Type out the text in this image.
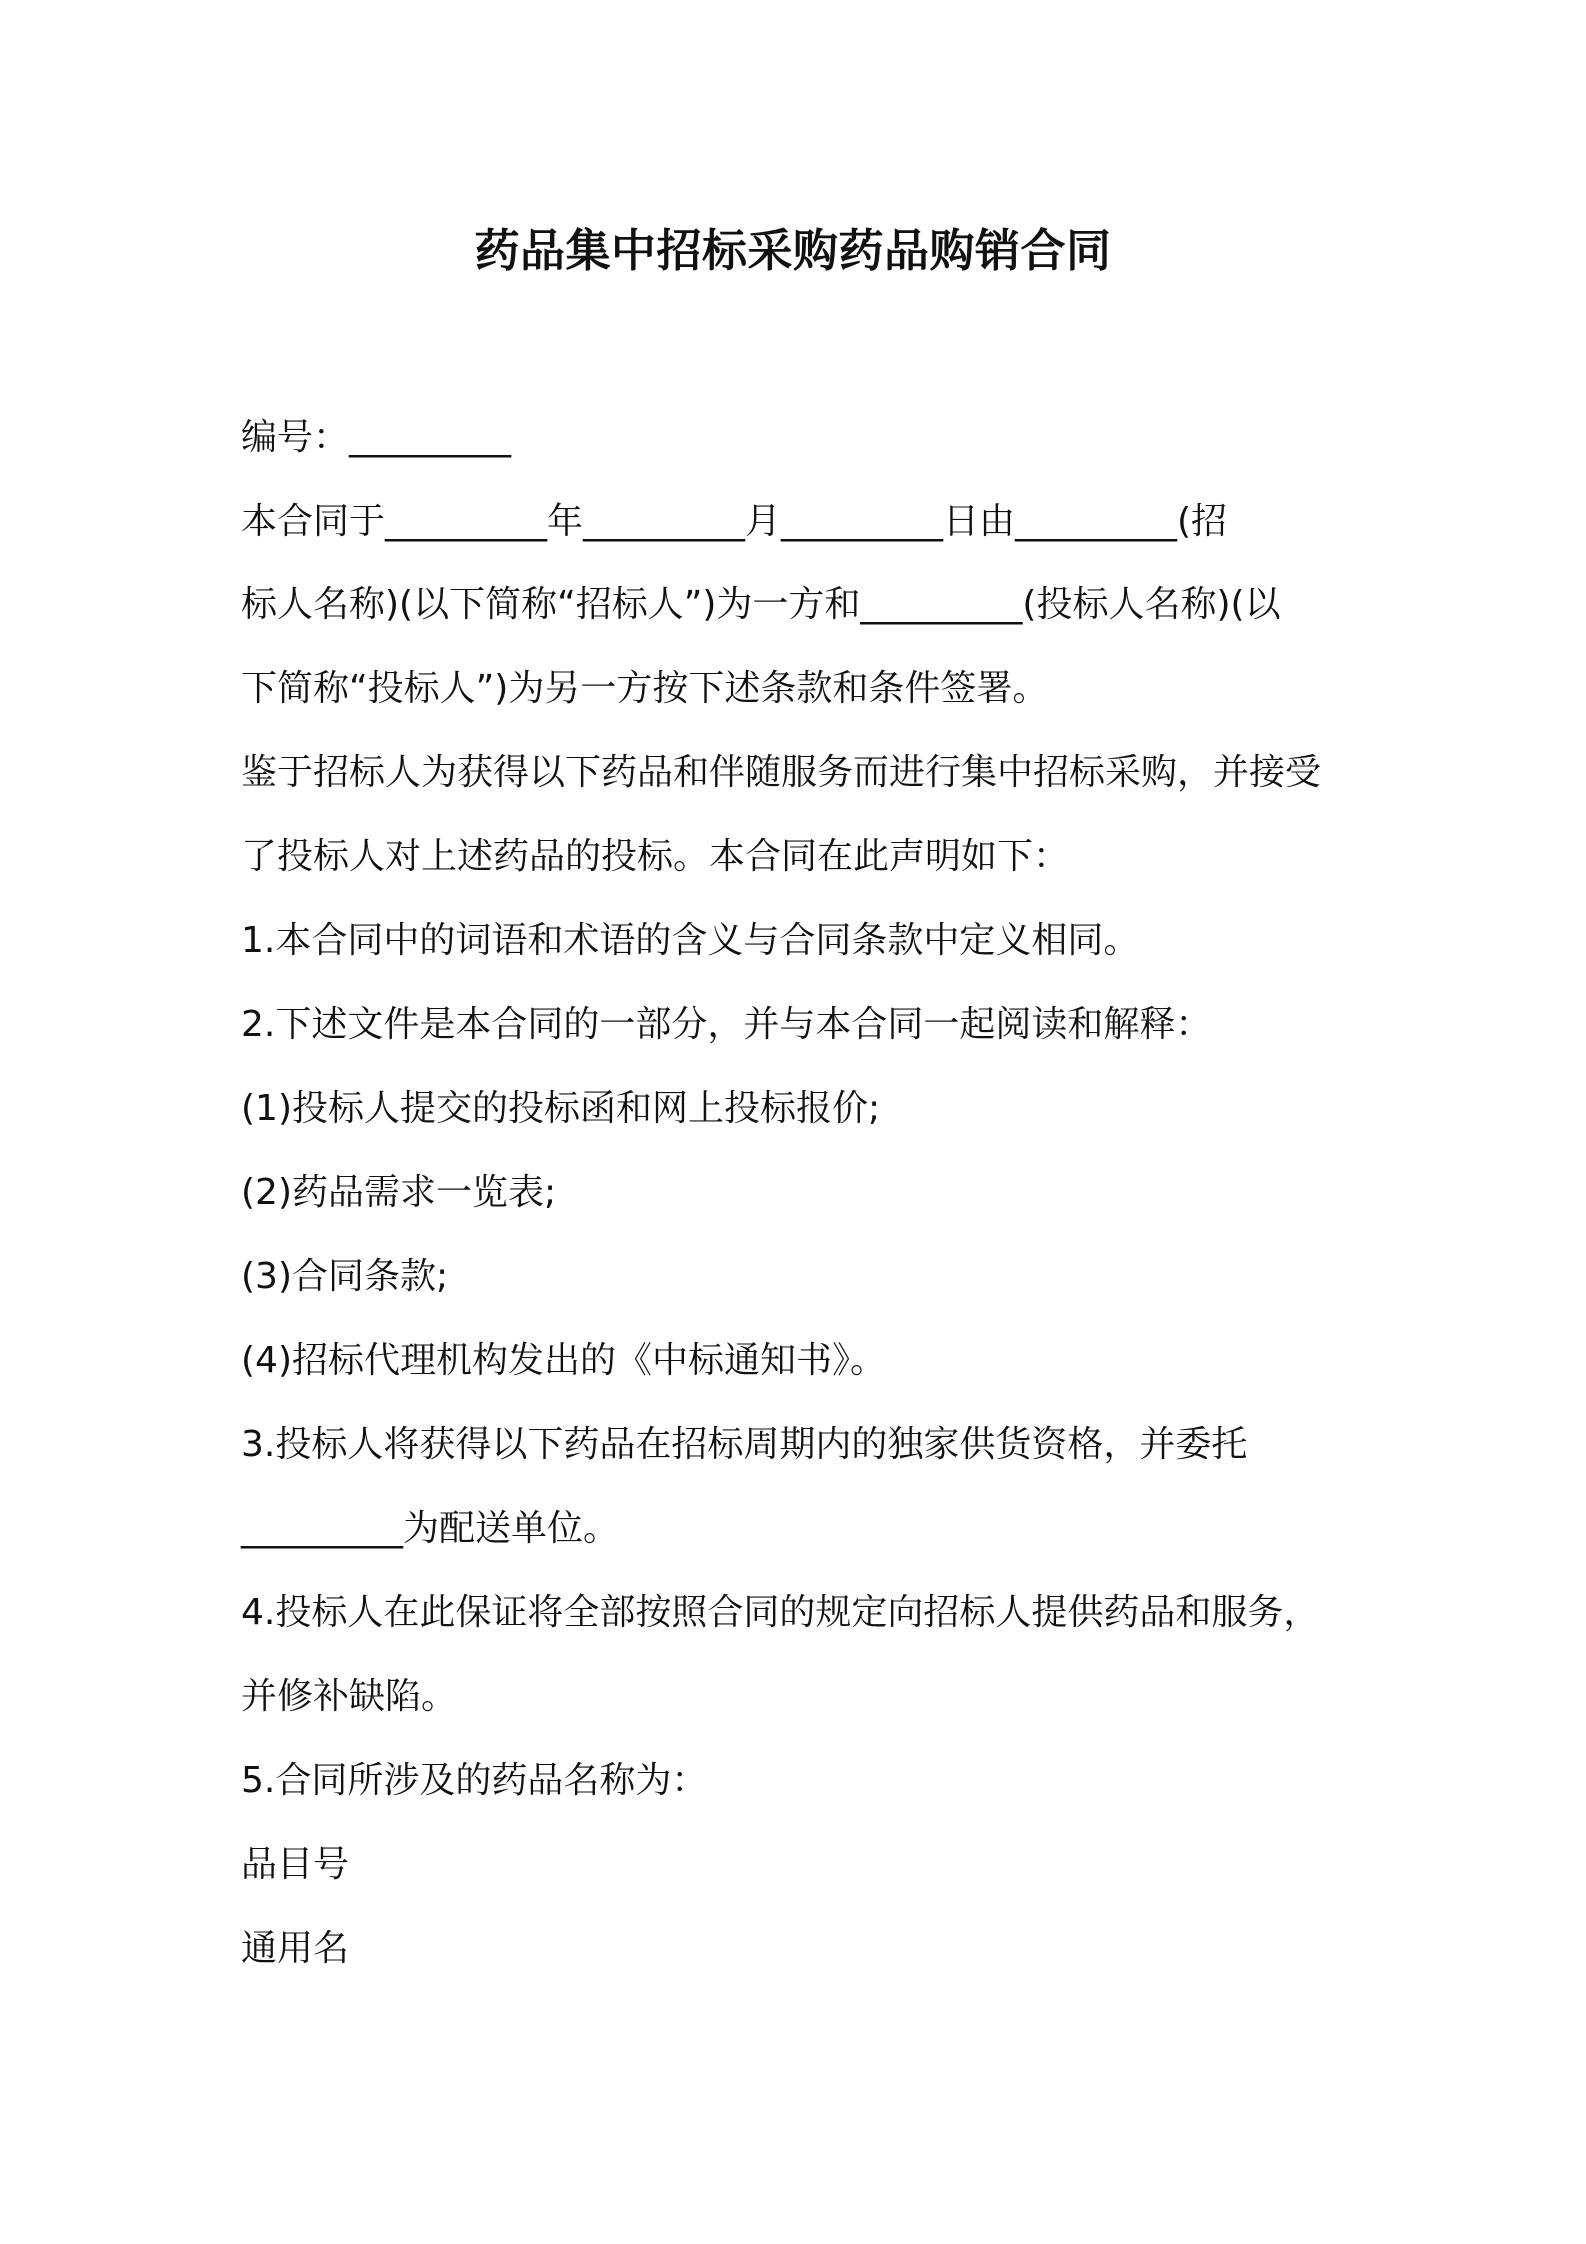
药品集中招标采购药品购销合同
编号：_________
本合同于_________年_________月_________日由_________(招
标人名称)(以下简称“招标人”)为一方和_________(投标人名称)(以
下简称“投标人”)为另一方按下述条款和条件签署。
鉴于招标人为获得以下药品和伴随服务而进行集中招标采购，并接受
了投标人对上述药品的投标。本合同在此声明如下：
1.本合同中的词语和术语的含义与合同条款中定义相同。
2.下述文件是本合同的一部分，并与本合同一起阅读和解释：
(1)投标人提交的投标函和网上投标报价;
(2)药品需求一览表;
(3)合同条款;
(4)招标代理机构发出的《中标通知书》。
3.投标人将获得以下药品在招标周期内的独家供货资格，并委托
_________为配送单位。
4.投标人在此保证将全部按照合同的规定向招标人提供药品和服务，
并修补缺陷。
5.合同所涉及的药品名称为：
品目号
通用名
